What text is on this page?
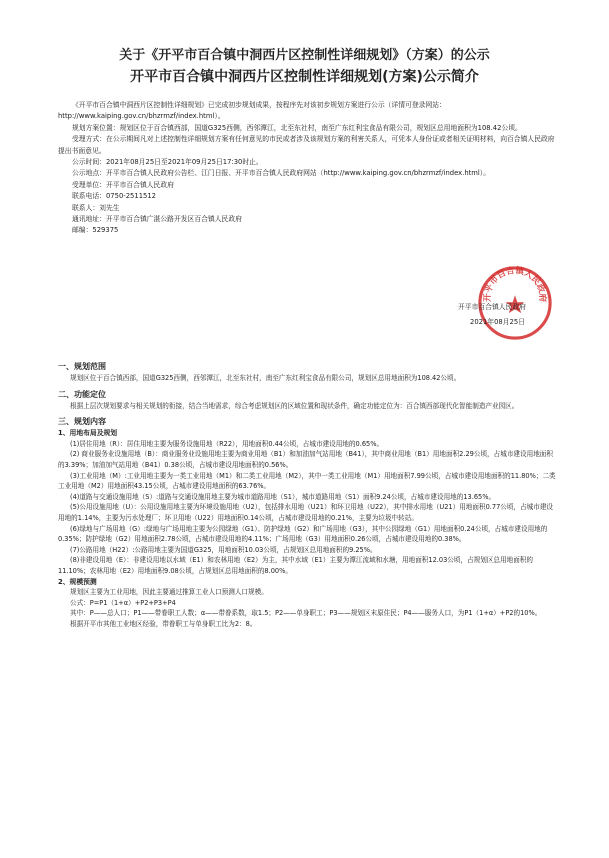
关于《开平市百合镇中洞西片区控制性详细规划》（方案）的公示
开平市百合镇中洞西片区控制性详细规划(方案)公示简介

《开平市百合镇中洞西片区控制性详细规划》已完成初步规划成果，按程序先对该初步规划方案进行公示（详情可登录网站：http://www.kaiping.gov.cn/bhzrmzf/index.html）。

规划方案位置：规划区位于百合镇西部，国道G325西侧，西邻潭江，北至东社村，南至广东红利宝食品有限公司，规划区总用地面积为108.42公顷。

受理方式：在公示期间凡对上述控制性详细规划方案有任何意见的市民或者涉及该规划方案的利害关系人，可凭本人身份证或者相关证明材料，向百合镇人民政府提出书面意见。

公示时间：2021年08月25日至2021年09月25日17:30时止。

公示地点：开平市百合镇人民政府公告栏、江门日报、开平市百合镇人民政府网站（http://www.kaiping.gov.cn/bhzrmzf/index.html）。

受理单位：开平市百合镇人民政府

联系电话：0750-2511512

联系人：刘先生

通讯地址：开平市百合镇广湛公路开发区百合镇人民政府

邮编：529375

开平市百合镇人民政府
开平市百合镇人民政府
2021年08月25日

一、规划范围

规划区位于百合镇西部，国道G325西侧，西邻潭江，北至东社村，南至广东红利宝食品有限公司，规划区总用地面积为108.42公顷。

二、功能定位

根据上层次规划要求与相关规划的衔接，结合当地需求，综合考虑规划区的区域位置和现状条件，确定功能定位为：百合镇西部现代化智能制造产业园区。

三、规划内容

1、用地布局及规划

(1)居住用地（R）：居住用地主要为服务设施用地（R22），用地面积0.44公顷，占城市建设用地的0.65%。

(2) 商业服务业设施用地（B）：商业服务业设施用地主要为商业用地（B1）和加油加气站用地（B41），其中商业用地（B1）用地面积2.29公顷，占城市建设用地面积的3.39%；加油加气站用地（B41）0.38公顷，占城市建设用地面积的0.56%。

(3)工业用地（M）:工业用地主要为一类工业用地（M1）和二类工业用地（M2），其中一类工业用地（M1）用地面积7.99公顷，占城市建设用地面积的11.80%；二类工业用地（M2）用地面积43.15公顷，占城市建设用地面积的63.76%。

(4)道路与交通设施用地（S）:道路与交通设施用地主要为城市道路用地（S1），城市道路用地（S1）面积9.24公顷，占城市建设用地的13.65%。

(5)公用设施用地（U）：公用设施用地主要为环境设施用地（U2），包括排水用地（U21）和环卫用地（U22），其中排水用地（U21）用地面积0.77公顷，占城市建设用地的1.14%，主要为污水处理厂；环卫用地（U22）用地面积0.14公顷，占城市建设用地的0.21%，主要为垃圾中转站。

(6)绿地与广场用地（G）:绿地与广场用地主要为公园绿地（G1）、防护绿地（G2）和广场用地（G3），其中公园绿地（G1）用地面积0.24公顷，占城市建设用地的0.35%；防护绿地（G2）用地面积2.78公顷，占城市建设用地的4.11%；广场用地（G3）用地面积0.26公顷，占城市建设用地的0.38%。

(7)公路用地（H22）:公路用地主要为国道G325，用地面积10.03公顷，占规划区总用地面积的9.25%。

(8)非建设用地（E）：非建设用地以水域（E1）和农林用地（E2）为主，其中水域（E1）主要为潭江流域和水塘，用地面积12.03公顷，占规划区总用地面积的11.10%；农林用地（E2）用地面积9.08公顷，占规划区总用地面积的8.00%。

2、规模预测

规划区主要为工业用地，因此主要通过推算工业人口预测人口规模。

公式：P=P1（1+α）+P2+P3+P4

其中：P——总人口；P1——带眷职工人数；α——带眷系数，取1.5；P2——单身职工；P3——规划区末原住民；P4——服务人口，为P1（1+α）+P2的10%。

根据开平市其他工业地区经验，带眷职工与单身职工比为2：8。
